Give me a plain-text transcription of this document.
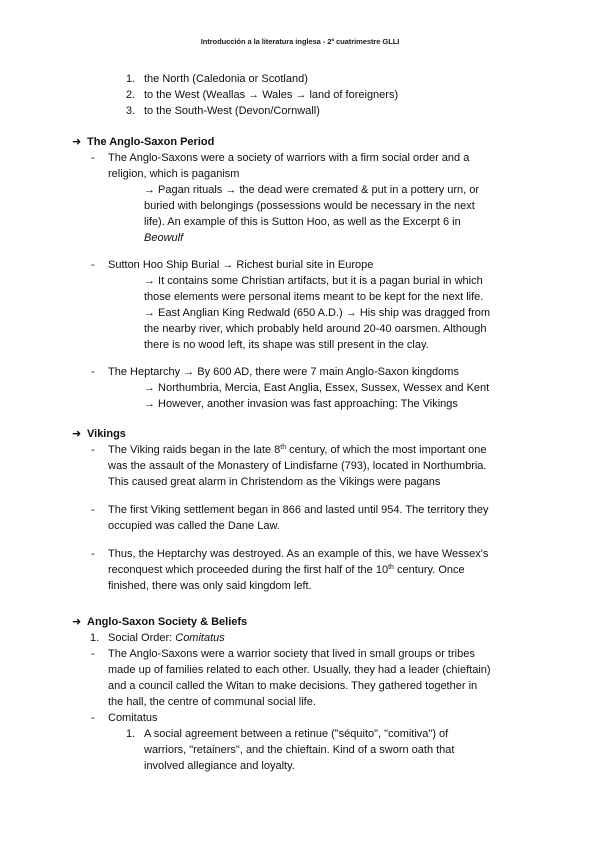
Introducción a la literatura inglesa - 2º cuatrimestre GLLI
1. the North (Caledonia or Scotland)
2. to the West (Weallas → Wales → land of foreigners)
3. to the South-West (Devon/Cornwall)
➜ The Anglo-Saxon Period
- The Anglo-Saxons were a society of warriors with a firm social order and a
religion, which is paganism
→ Pagan rituals → the dead were cremated & put in a pottery urn, or
buried with belongings (possessions would be necessary in the next
life). An example of this is Sutton Hoo, as well as the Excerpt 6 in
Beowulf
- Sutton Hoo Ship Burial → Richest burial site in Europe
→ It contains some Christian artifacts, but it is a pagan burial in which
those elements were personal items meant to be kept for the next life.
→ East Anglian King Redwald (650 A.D.) → His ship was dragged from
the nearby river, which probably held around 20-40 oarsmen. Although
there is no wood left, its shape was still present in the clay.
- The Heptarchy → By 600 AD, there were 7 main Anglo-Saxon kingdoms
→ Northumbria, Mercia, East Anglia, Essex, Sussex, Wessex and Kent
→ However, another invasion was fast approaching: The Vikings
➜ Vikings
- The Viking raids began in the late 8th century, of which the most important one
was the assault of the Monastery of Lindisfarne (793), located in Northumbria.
This caused great alarm in Christendom as the Vikings were pagans
- The first Viking settlement began in 866 and lasted until 954. The territory they
occupied was called the Dane Law.
- Thus, the Heptarchy was destroyed. As an example of this, we have Wessex's
reconquest which proceeded during the first half of the 10th century. Once
finished, there was only said kingdom left.
➜ Anglo-Saxon Society & Beliefs
1. Social Order: Comitatus
- The Anglo-Saxons were a warrior society that lived in small groups or tribes
made up of families related to each other. Usually, they had a leader (chieftain)
and a council called the Witan to make decisions. They gathered together in
the hall, the centre of communal social life.
- Comitatus
1. A social agreement between a retinue ("séquito", "comitiva") of
warriors, "retainers", and the chieftain. Kind of a sworn oath that
involved allegiance and loyalty.
